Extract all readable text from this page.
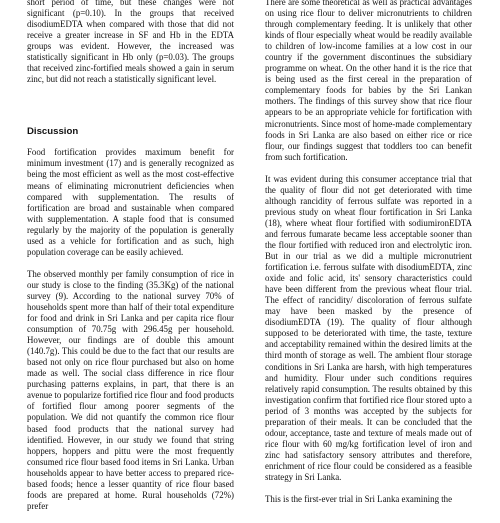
short period of time, but these changes were not significant (p=0.10). In the groups that received disodiumEDTA when compared with those that did not receive a greater increase in SF and Hb in the EDTA groups was evident. However, the increased was statistically significant in Hb only (p=0.03). The groups that received zinc-fortified meals showed a gain in serum zinc, but did not reach a statistically significant level.

Discussion

Food fortification provides maximum benefit for minimum investment (17) and is generally recognized as being the most efficient as well as the most cost-effective means of eliminating micronutrient deficiencies when compared with supplementation. The results of fortification are broad and sustainable when compared with supplementation. A staple food that is consumed regularly by the majority of the population is generally used as a vehicle for fortification and as such, high population coverage can be easily achieved.

The observed monthly per family consumption of rice in our study is close to the finding (35.3Kg) of the national survey (9). According to the national survey 70% of households spent more than half of their total expenditure for food and drink in Sri Lanka and per capita rice flour consumption of 70.75g with 296.45g per household. However, our findings are of double this amount (140.7g). This could be due to the fact that our results are based not only on rice flour purchased but also on home made as well. The social class difference in rice flour purchasing patterns explains, in part, that there is an avenue to popularize fortified rice flour and food products of fortified flour among poorer segments of the population. We did not quantify the common rice flour based food products that the national survey had identified. However, in our study we found that string hoppers, hoppers and pittu were the most frequently consumed rice flour based food items in Sri Lanka. Urban households appear to have better access to prepared rice-based foods; hence a lesser quantity of rice flour based foods are prepared at home. Rural households (72%) prefer

There are some theoretical as well as practical advantages on using rice flour to deliver micronutrients to children through complementary feeding. It is unlikely that other kinds of flour especially wheat would be readily available to children of low-income families at a low cost in our country if the government discontinues the subsidiary programme on wheat. On the other hand it is the rice that is being used as the first cereal in the preparation of complementary foods for babies by the Sri Lankan mothers. The findings of this survey show that rice flour appears to be an appropriate vehicle for fortification with micronutrients. Since most of home-made complementary foods in Sri Lanka are also based on either rice or rice flour, our findings suggest that toddlers too can benefit from such fortification.

It was evident during this consumer acceptance trial that the quality of flour did not get deteriorated with time although rancidity of ferrous sulfate was reported in a previous study on wheat flour fortification in Sri Lanka (18), where wheat flour fortified with sodiumironEDTA and ferrous fumarate became less acceptable sooner than the flour fortified with reduced iron and electrolytic iron. But in our trial as we did a multiple micronutrient fortification i.e. ferrous sulfate with disodiumEDTA, zinc oxide and folic acid, its' sensory characteristics could have been different from the previous wheat flour trial. The effect of rancidity/ discoloration of ferrous sulfate may have been masked by the presence of disodiumEDTA (19). The quality of flour although supposed to be deteriorated with time, the taste, texture and acceptability remained within the desired limits at the third month of storage as well. The ambient flour storage conditions in Sri Lanka are harsh, with high temperatures and humidity. Flour under such conditions requires relatively rapid consumption. The results obtained by this investigation confirm that fortified rice flour stored upto a period of 3 months was accepted by the subjects for preparation of their meals. It can be concluded that the odour, acceptance, taste and texture of meals made out of rice flour with 60 mg/kg fortification level of iron and zinc had satisfactory sensory attributes and therefore, enrichment of rice flour could be considered as a feasible strategy in Sri Lanka.

This is the first-ever trial in Sri Lanka examining the
